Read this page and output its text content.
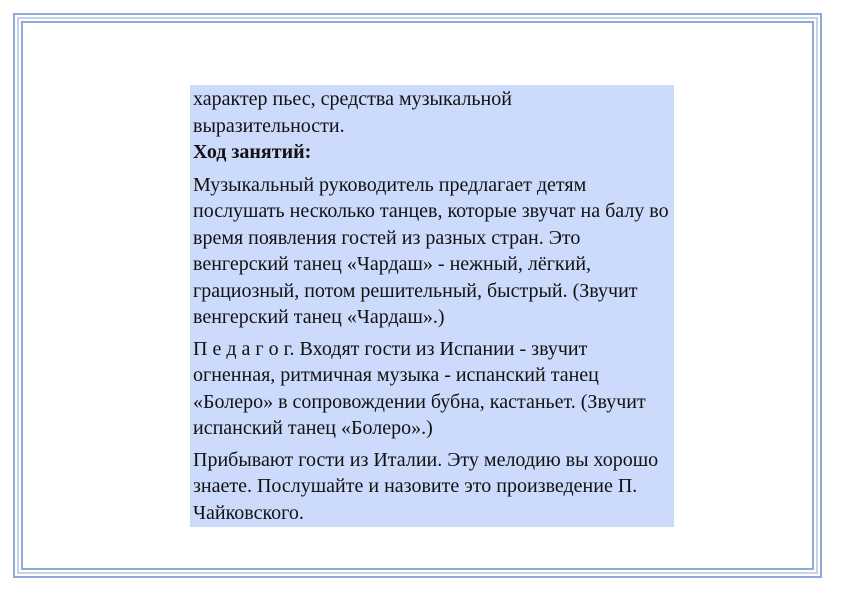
характер пьес, средства музыкальной
выразительности.

Ход занятий:

Музыкальный руководитель предлагает детям послушать несколько танцев, которые звучат на балу во время появления гостей из разных стран. Это венгерский танец «Чардаш» - нежный, лёгкий, грациозный, потом решительный, быстрый. (Звучит венгерский танец «Чардаш».)

П е д а г о г. Входят гости из Испании - звучит огненная, ритмичная музыка - испанский танец «Болеро» в сопровождении бубна, кастаньет. (Звучит испанский танец «Болеро».)

Прибывают гости из Италии. Эту мелодию вы хорошо знаете. Послушайте и назовите это произведение П. Чайковского.
